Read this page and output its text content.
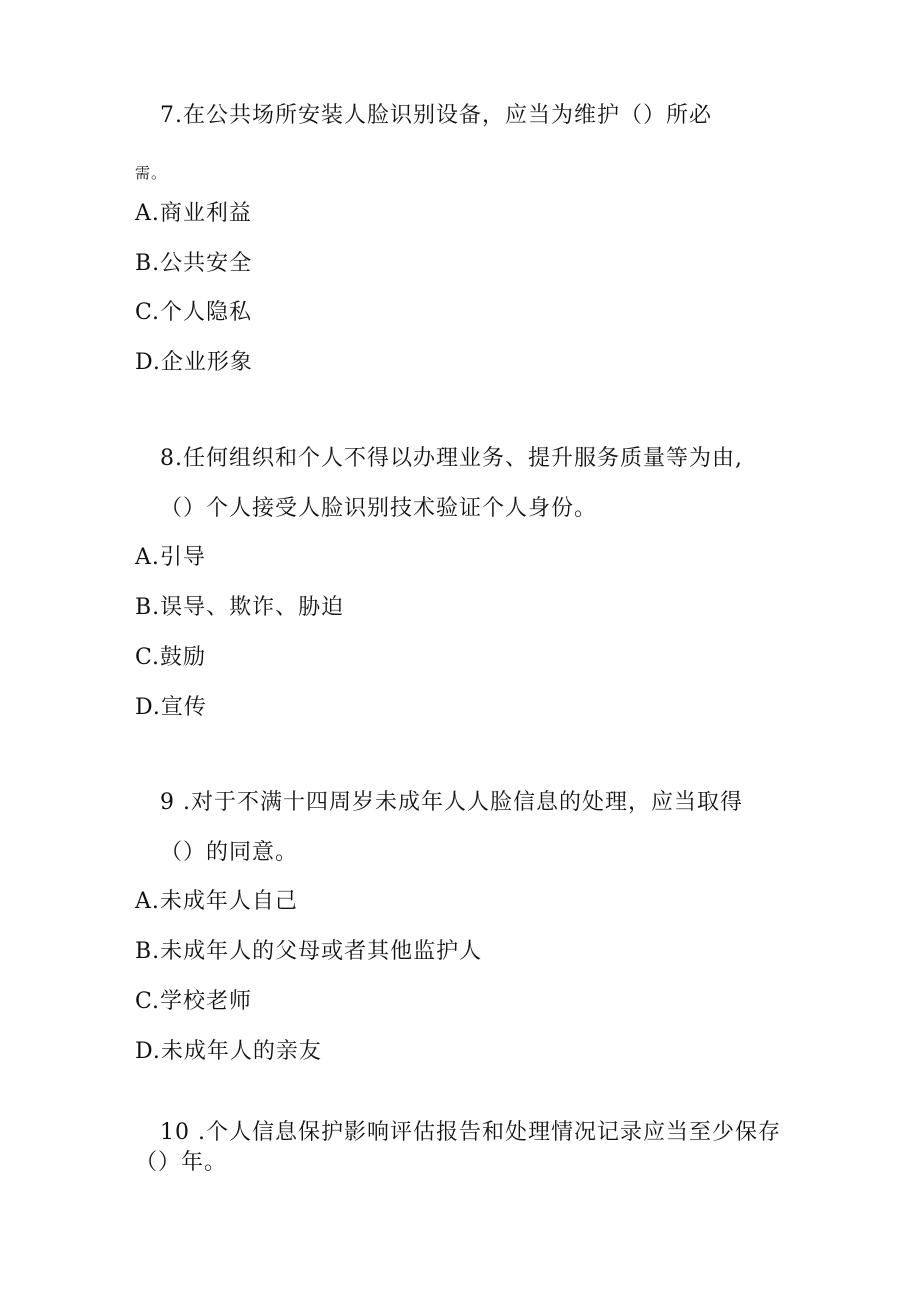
7.在公共场所安装人脸识别设备，应当为维护（）所必
需。
A.商业利益
B.公共安全
C.个人隐私
D.企业形象
8.任何组织和个人不得以办理业务、提升服务质量等为由,
（）个人接受人脸识别技术验证个人身份。
A.引导
B.误导、欺诈、胁迫
C.鼓励
D.宣传
9 .对于不满十四周岁未成年人人脸信息的处理，应当取得
（）的同意。
A.未成年人自己
B.未成年人的父母或者其他监护人
C.学校老师
D.未成年人的亲友
10 .个人信息保护影响评估报告和处理情况记录应当至少保存
（）年。
